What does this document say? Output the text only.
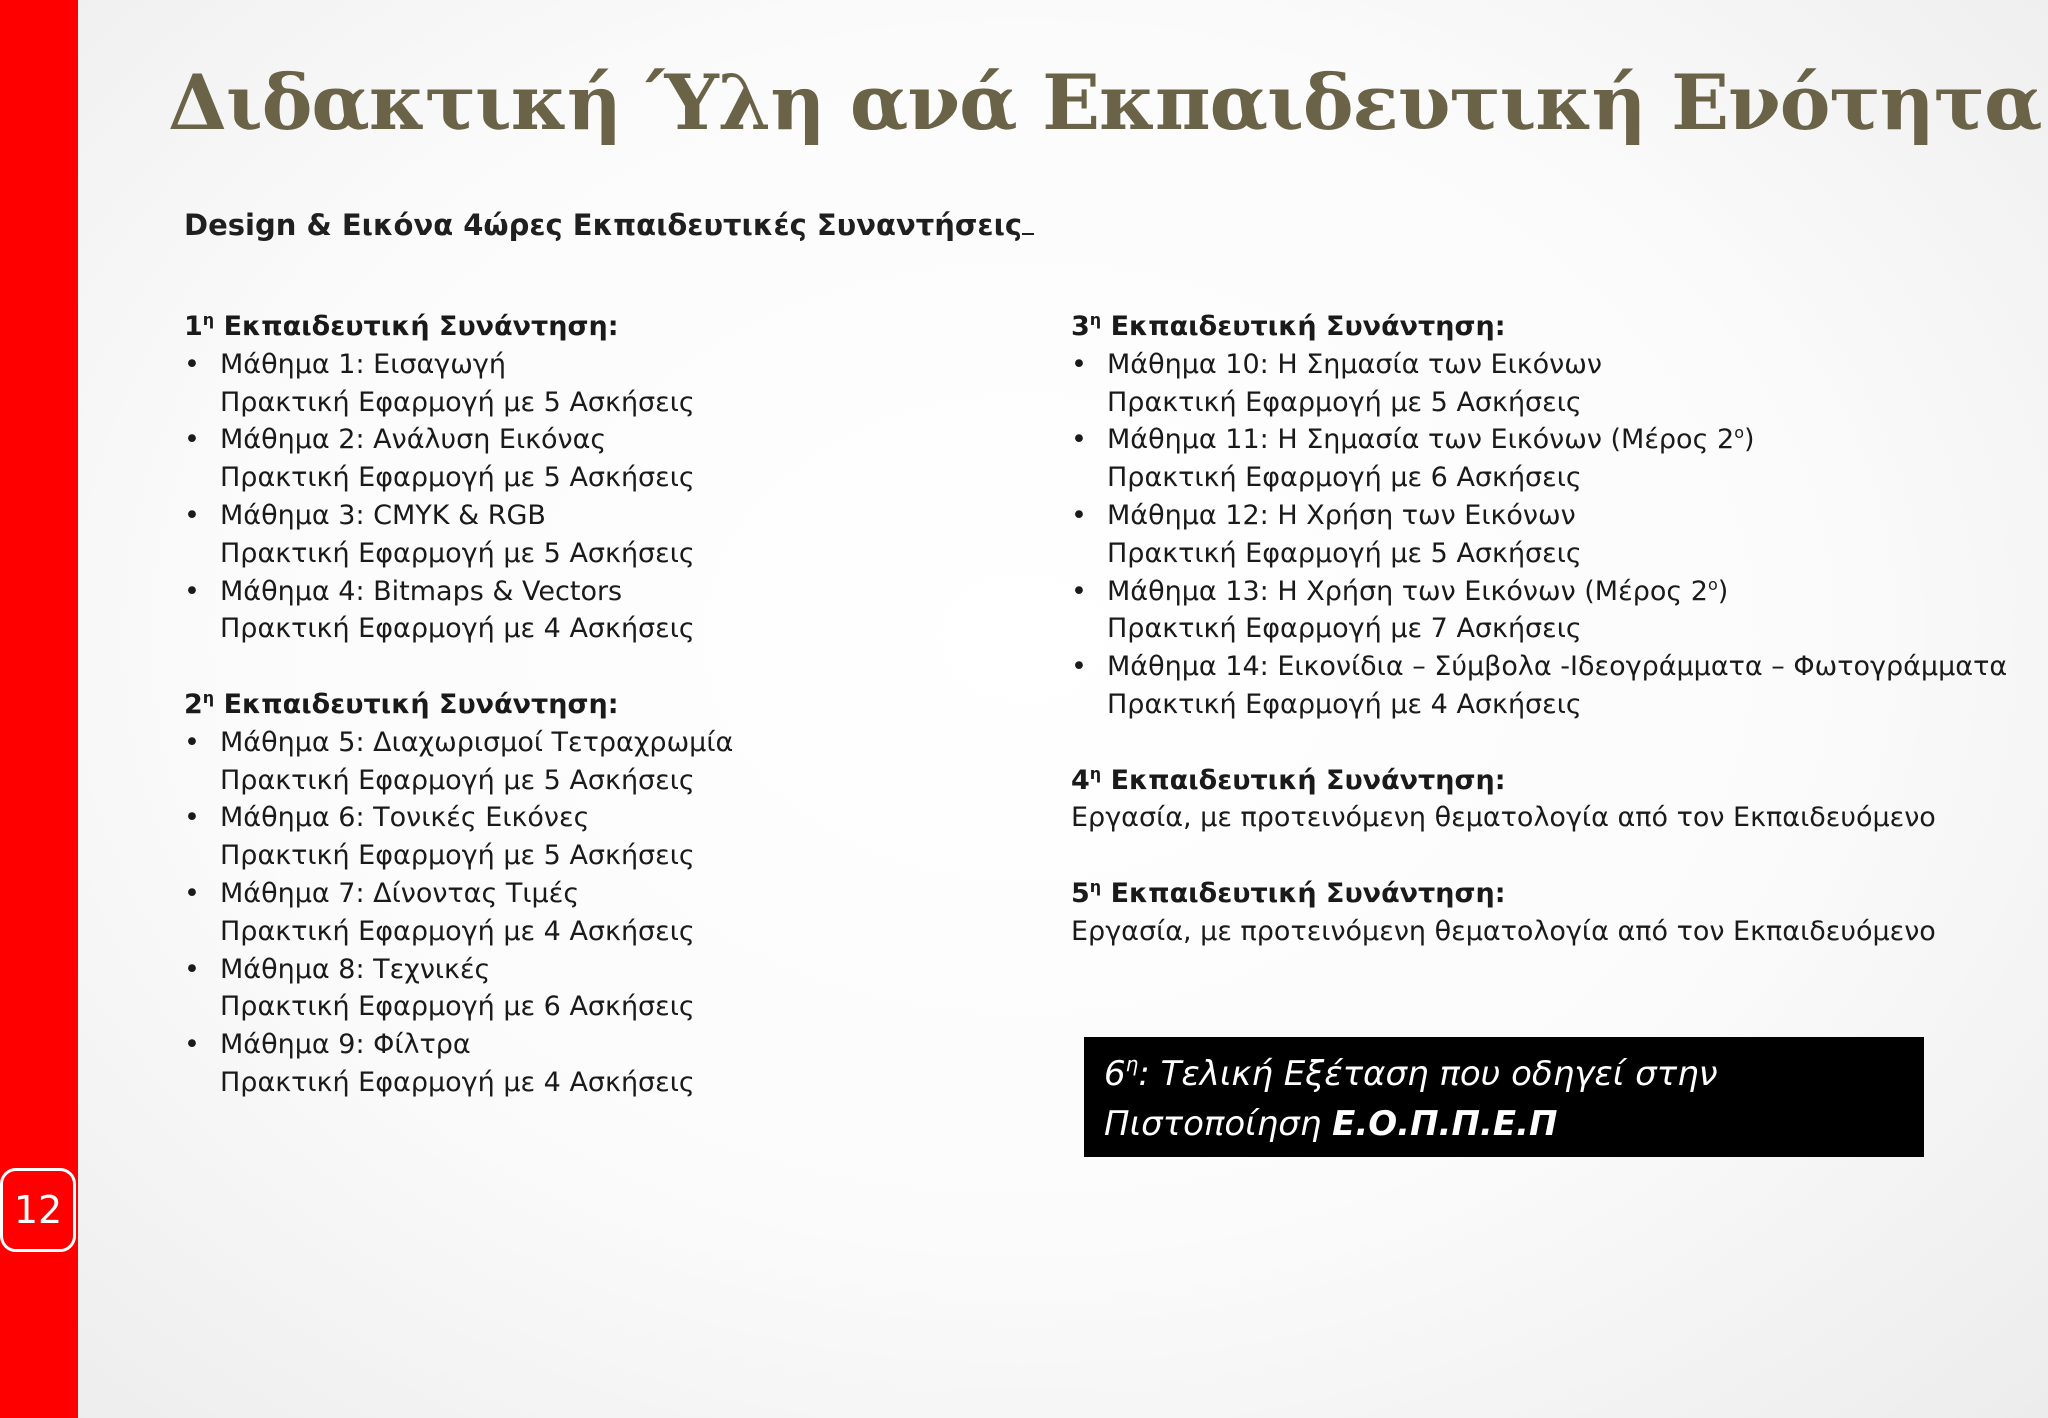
12
Διδακτική Ύλη ανά Εκπαιδευτική Ενότητα
Design & Εικόνα 4ώρες Εκπαιδευτικές Συναντήσεις
$1^\eta$ Εκπαιδευτική Συνάντηση:
• Μάθημα 1: Εισαγωγή
Πρακτική Εφαρμογή με 5 Ασκήσεις
• Μάθημα 2: Ανάλυση Εικόνας
Πρακτική Εφαρμογή με 5 Ασκήσεις
• Μάθημα 3: CMYK & RGB
Πρακτική Εφαρμογή με 5 Ασκήσεις
• Μάθημα 4: Bitmaps & Vectors
Πρακτική Εφαρμογή με 4 Ασκήσεις
$2^\eta$ Εκπαιδευτική Συνάντηση:
• Μάθημα 5: Διαχωρισμοί Τετραχρωμία
Πρακτική Εφαρμογή με 5 Ασκήσεις
• Μάθημα 6: Τονικές Εικόνες
Πρακτική Εφαρμογή με 5 Ασκήσεις
• Μάθημα 7: Δίνοντας Τιμές
Πρακτική Εφαρμογή με 4 Ασκήσεις
• Μάθημα 8: Τεχνικές
Πρακτική Εφαρμογή με 6 Ασκήσεις
• Μάθημα 9: Φίλτρα
Πρακτική Εφαρμογή με 4 Ασκήσεις
$3^\eta$ Εκπαιδευτική Συνάντηση:
• Μάθημα 10: Η Σημασία των Εικόνων
Πρακτική Εφαρμογή με 5 Ασκήσεις
• Μάθημα 11: Η Σημασία των Εικόνων (Μέρος $2^o$)
Πρακτική Εφαρμογή με 6 Ασκήσεις
• Μάθημα 12: Η Χρήση των Εικόνων
Πρακτική Εφαρμογή με 5 Ασκήσεις
• Μάθημα 13: Η Χρήση των Εικόνων (Μέρος $2^o$)
Πρακτική Εφαρμογή με 7 Ασκήσεις
• Μάθημα 14: Εικονίδια – Σύμβολα -Ιδεογράμματα – Φωτογράμματα
Πρακτική Εφαρμογή με 4 Ασκήσεις
$4^\eta$ Εκπαιδευτική Συνάντηση:
Εργασία, με προτεινόμενη θεματολογία από τον Εκπαιδευόμενο
$5^\eta$ Εκπαιδευτική Συνάντηση:
Εργασία, με προτεινόμενη θεματολογία από τον Εκπαιδευόμενο
$6^\eta$: Τελική Εξέταση που οδηγεί στην
Πιστοποίηση Ε.Ο.Π.Π.Ε.Π
